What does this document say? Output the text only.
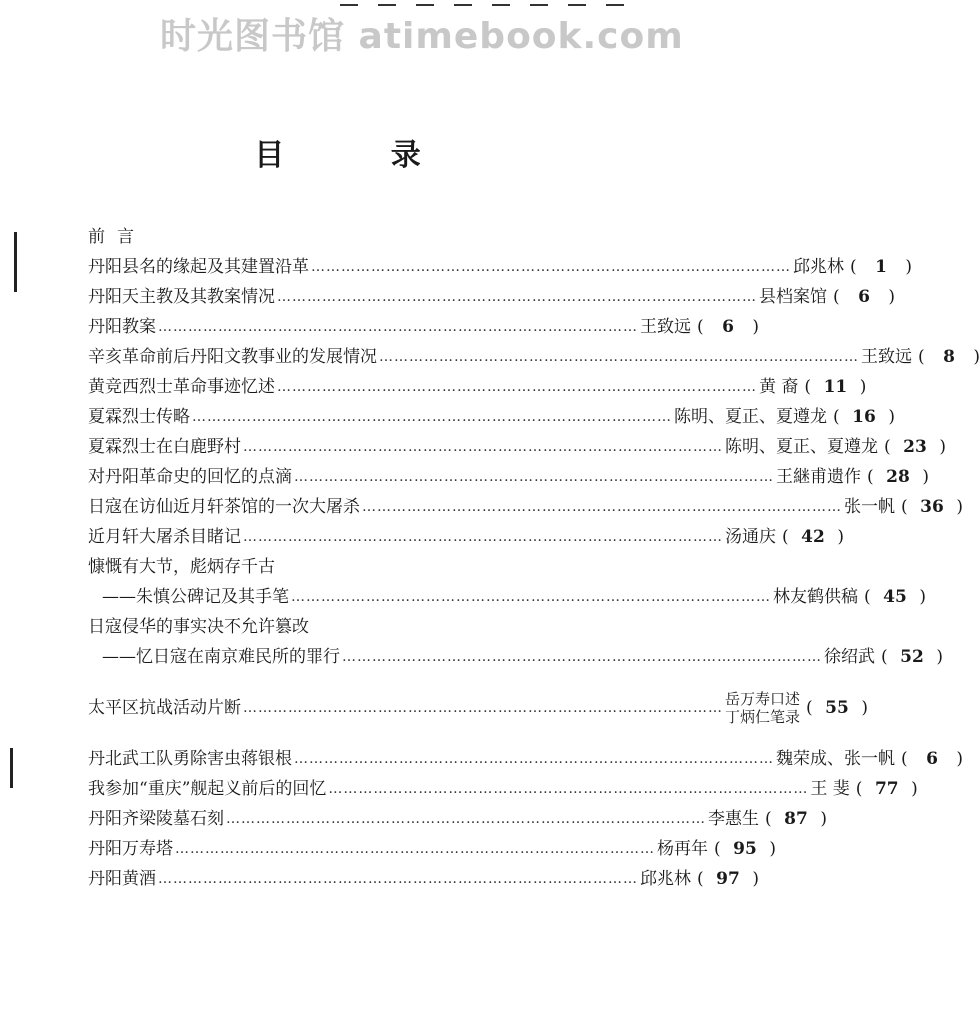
时光图书馆 atimebook.com
目 录
前言
丹阳县名的缘起及其建置沿革 …………………………………………………………………………………… 邱兆林 ( 1 )
丹阳天主教及其教案情况 …………………………………………………………………………………… 县档案馆 ( 6 )
丹阳教案 …………………………………………………………………………………… 王致远 ( 6 )
辛亥革命前后丹阳文教事业的发展情况 …………………………………………………………………………………… 王致远 ( 8 )
黄竞西烈士革命事迹忆述 …………………………………………………………………………………… 黄 裔 ( 11 )
夏霖烈士传略 …………………………………………………………………………………… 陈明、夏正、夏遵龙 ( 16 )
夏霖烈士在白鹿野村 …………………………………………………………………………………… 陈明、夏正、夏遵龙 ( 23 )
对丹阳革命史的回忆的点滴 …………………………………………………………………………………… 王継甫遗作 ( 28 )
日寇在访仙近月轩茶馆的一次大屠杀 …………………………………………………………………………………… 张一帆 ( 36 )
近月轩大屠杀目睹记 …………………………………………………………………………………… 汤通庆 ( 42 )
慷慨有大节，彪炳存千古
——朱慎公碑记及其手笔 …………………………………………………………………………………… 林友鹤供稿 ( 45 )
日寇侵华的事实决不允许篡改
——忆日寇在南京难民所的罪行 …………………………………………………………………………………… 徐绍武 ( 52 )
太平区抗战活动片断 …………………………………………………………………………………… 岳万寿口述
丁炳仁笔录 ( 55 )
丹北武工队勇除害虫蒋银根 …………………………………………………………………………………… 魏荣成、张一帆 ( 6 )
我参加“重庆”舰起义前后的回忆 …………………………………………………………………………………… 王 斐 ( 77 )
丹阳齐梁陵墓石刻 …………………………………………………………………………………… 李惠生 ( 87 )
丹阳万寿塔 …………………………………………………………………………………… 杨再年 ( 95 )
丹阳黄酒 …………………………………………………………………………………… 邱兆林 ( 97 )
